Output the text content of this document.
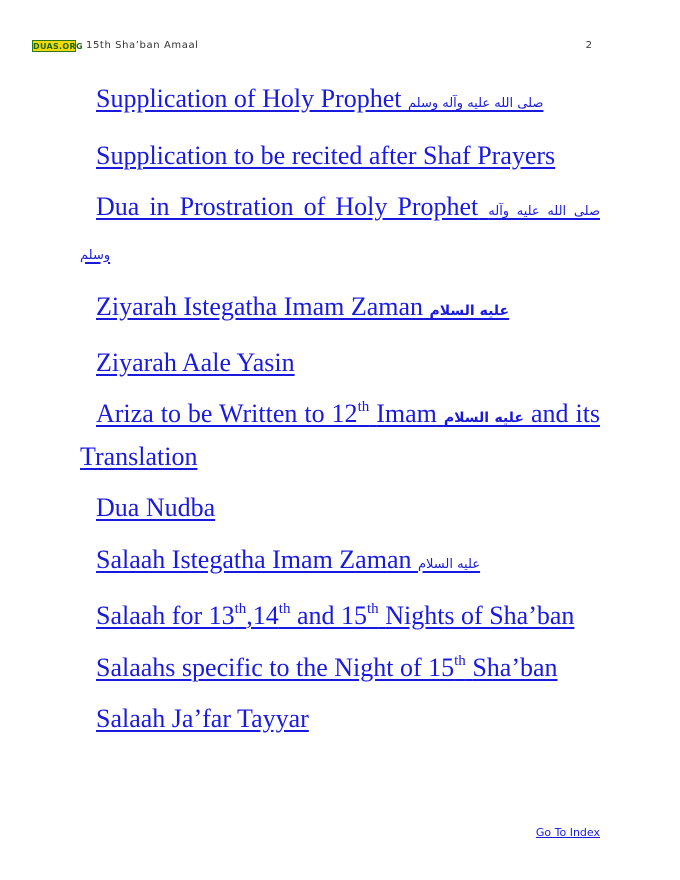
DUAS.ORG 15th Sha’ban Amaal	2
Supplication of Holy Prophet صلى الله عليه وآله وسلم
Supplication to be recited after Shaf Prayers
Dua in Prostration of Holy Prophet صلى الله عليه وآله وسلم
Ziyarah Istegatha Imam Zaman عليه السلام
Ziyarah Aale Yasin
Ariza to be Written to 12th Imam عليه السلام and its Translation
Dua Nudba
Salaah Istegatha Imam Zaman عليه السلام
Salaah for 13th,14th and 15th Nights of Sha’ban
Salaahs specific to the Night of 15th Sha’ban
Salaah Ja’far Tayyar
Go To Index
